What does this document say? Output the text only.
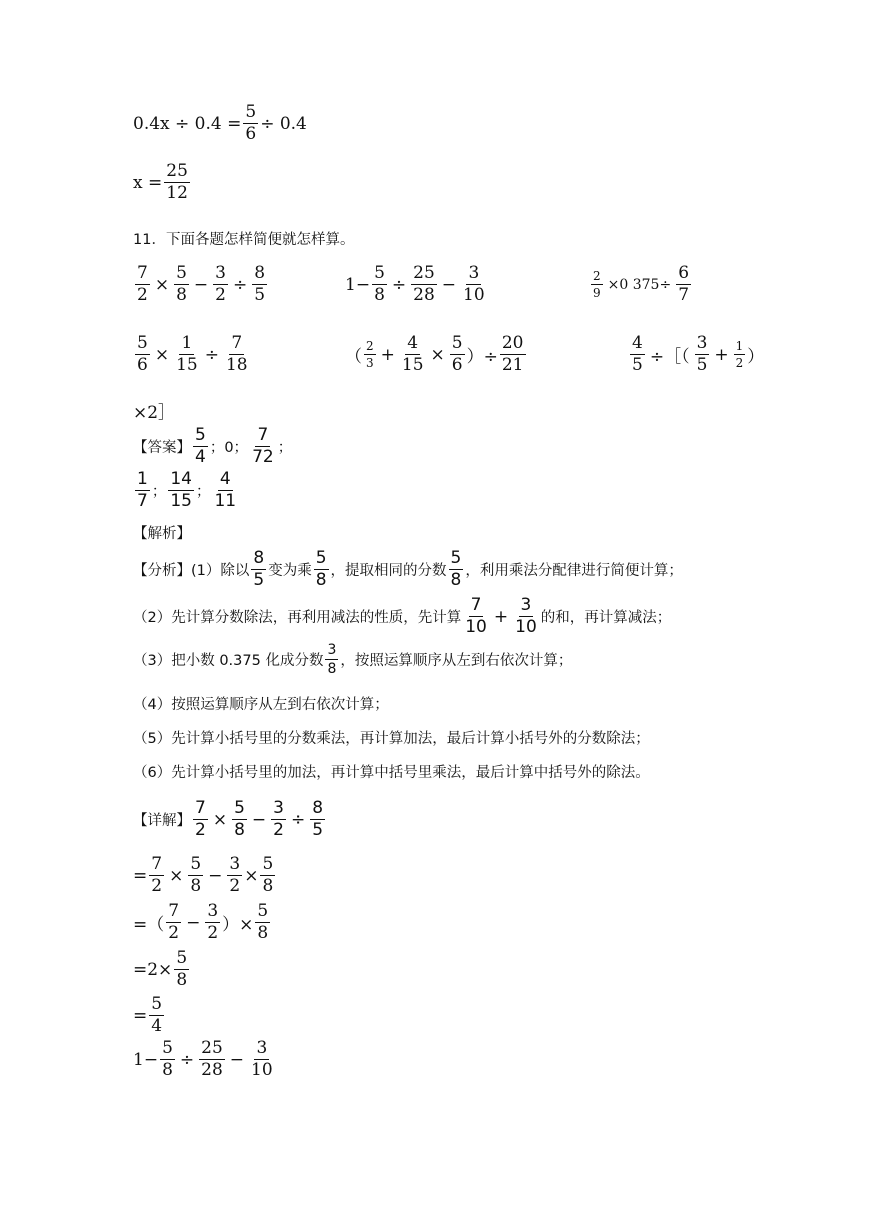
$0.4x \div 0.4 = \frac{5}{6} \div 0.4$
$x = \frac{25}{12}$
11．下面各题怎样简便就怎样算。
$\frac{7}{2} \times \frac{5}{8} - \frac{3}{2} \div \frac{8}{5}$	$1- \frac{5}{8} \div \frac{25}{28} - \frac{3}{10}$	$\frac{2}{9} \times 0$ $375\div \frac{6}{7}$
$\frac{5}{6} \times \frac{1}{15} \div \frac{7}{18}$	（ $\frac{2}{3} + \frac{4}{15} \times \frac{5}{6}$ ）÷ $\frac{20}{21}$	$\frac{4}{5}$ ÷［（ $\frac{3}{5} + \frac{1}{2}$ ）
×2］
【答案】 $\frac{5}{4}$ ；0； $\frac{7}{72}$ ；
$\frac{1}{7}$ ； $\frac{14}{15}$ ； $\frac{4}{11}$
【解析】
【分析】(1）除以 $\frac{8}{5}$ 变为乘 $\frac{5}{8}$ ，提取相同的分数 $\frac{5}{8}$ ，利用乘法分配律进行简便计算；
（2）先计算分数除法，再利用减法的性质，先计算 $\frac{7}{10} + \frac{3}{10}$ 的和，再计算减法；
（3）把小数 0.375 化成分数 $\frac{3}{8}$ ，按照运算顺序从左到右依次计算；
（4）按照运算顺序从左到右依次计算；
（5）先计算小括号里的分数乘法，再计算加法，最后计算小括号外的分数除法；
（6）先计算小括号里的加法，再计算中括号里乘法，最后计算中括号外的除法。
【详解】 $\frac{7}{2} \times \frac{5}{8} - \frac{3}{2} \div \frac{8}{5}$
= $\frac{7}{2} \times \frac{5}{8} - \frac{3}{2} \times \frac{5}{8}$
=（ $\frac{7}{2} - \frac{3}{2}$ ）× $\frac{5}{8}$
$=2\times \frac{5}{8}$
= $\frac{5}{4}$
$1- \frac{5}{8} \div \frac{25}{28} - \frac{3}{10}$
